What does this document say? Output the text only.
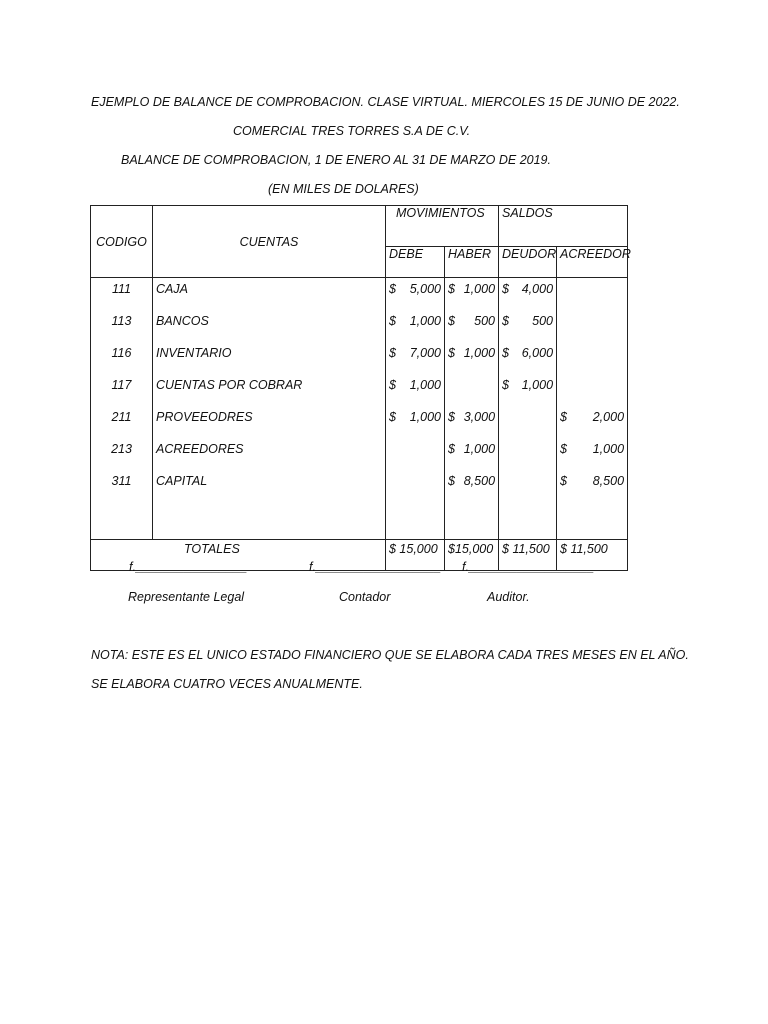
EJEMPLO DE BALANCE DE COMPROBACION. CLASE VIRTUAL. MIERCOLES 15 DE JUNIO DE 2022.
COMERCIAL TRES TORRES S.A DE C.V.
BALANCE DE COMPROBACION, 1 DE ENERO AL 31 DE MARZO DE 2019.
(EN MILES DE DOLARES)
CODIGO	CUENTAS	MOVIMIENTOS		SALDOS	
		DEBE	HABER	DEUDOR	ACREEDOR
111	CAJA	$ 5,000	$ 1,000	$ 4,000	

113	BANCOS	$ 1,000	$ 500	$ 500	

116	INVENTARIO	$ 7,000	$ 1,000	$ 6,000	

117	CUENTAS POR COBRAR	$ 1,000		$ 1,000	

211	PROVEEODRES	$ 1,000	$ 3,000		$ 2,000

213	ACREEDORES		$ 1,000		$ 1,000

311	CAPITAL		$ 8,500		$ 8,500

TOTALES		$ 15,000	$15,000	$ 11,500	$ 11,500
f.________________	f.__________________ f.__________________
Representante Legal	Contador	Auditor.
NOTA: ESTE ES EL UNICO ESTADO FINANCIERO QUE SE ELABORA CADA TRES MESES EN EL AÑO.
SE ELABORA CUATRO VECES ANUALMENTE.
